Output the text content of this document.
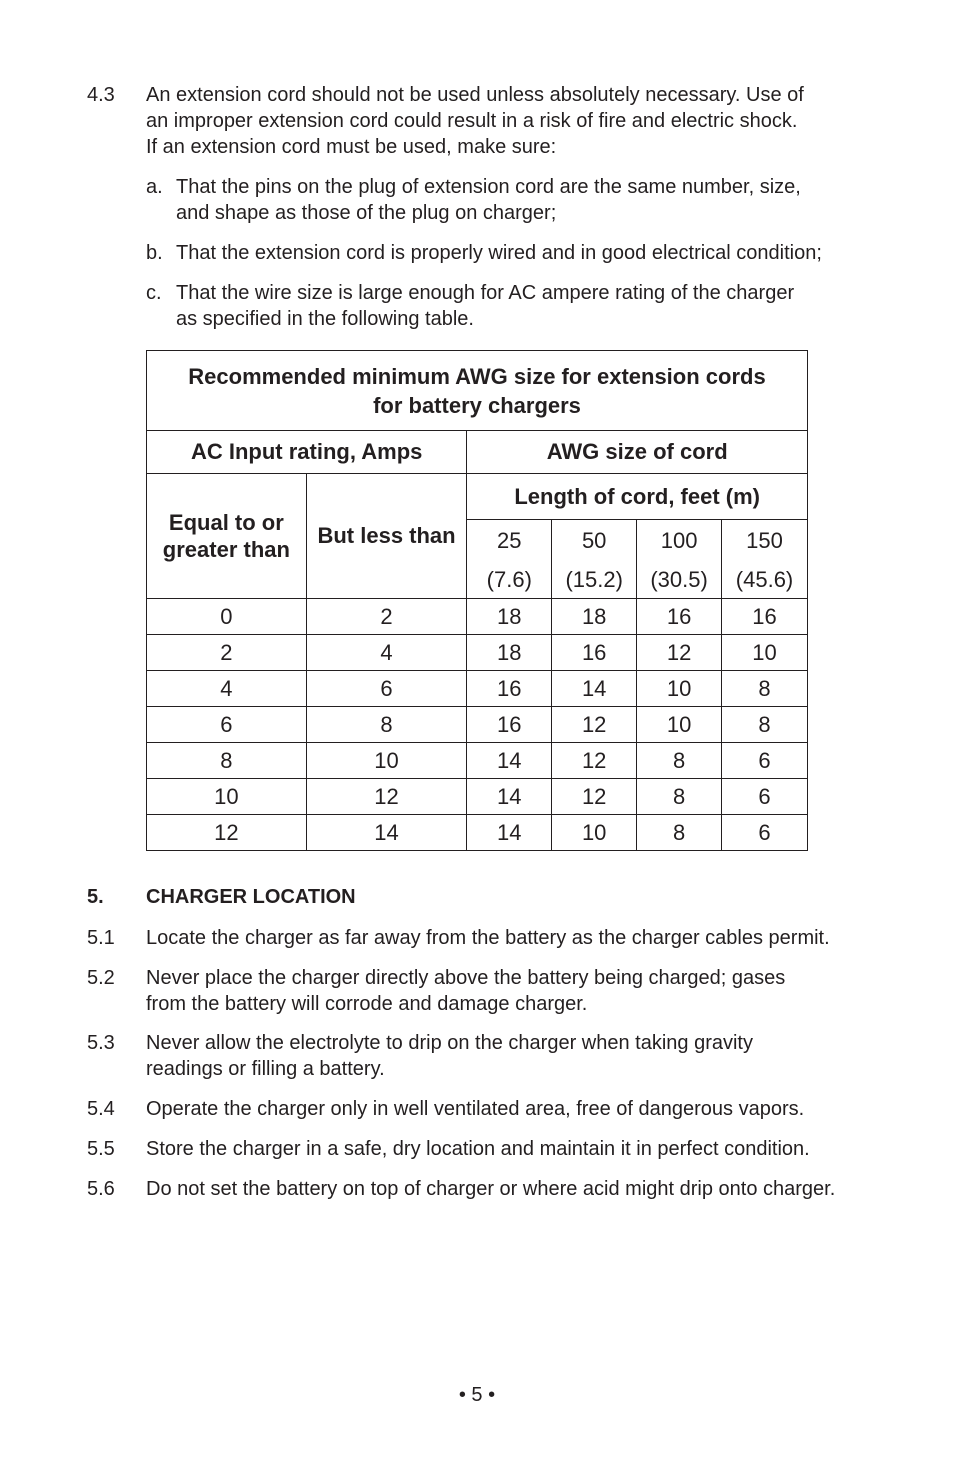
4.3 An extension cord should not be used unless absolutely necessary. Use of
an improper extension cord could result in a risk of fire and electric shock.
If an extension cord must be used, make sure:
a. That the pins on the plug of extension cord are the same number, size,
and shape as those of the plug on charger;
b. That the extension cord is properly wired and in good electrical condition;
c. That the wire size is large enough for AC ampere rating of the charger
as specified in the following table.
Recommended minimum AWG size for extension cords
for battery chargers					

AC Input rating, Amps		AWG size of cord			

Equal to or
greater than	But less than	Length of cord, feet (m)			
		25	50	100	150
		(7.6)	(15.2)	(30.5)	(45.6)
0	2	18	18	16	16
2	4	18	16	12	10
4	6	16	14	10	8
6	8	16	12	10	8
8	10	14	12	8	6
10	12	14	12	8	6
12	14	14	10	8	6
5. CHARGER LOCATION
5.1 Locate the charger as far away from the battery as the charger cables permit.
5.2 Never place the charger directly above the battery being charged; gases
from the battery will corrode and damage charger.
5.3 Never allow the electrolyte to drip on the charger when taking gravity
readings or filling a battery.
5.4 Operate the charger only in well ventilated area, free of dangerous vapors.
5.5 Store the charger in a safe, dry location and maintain it in perfect condition.
5.6 Do not set the battery on top of charger or where acid might drip onto charger.
• 5 •
